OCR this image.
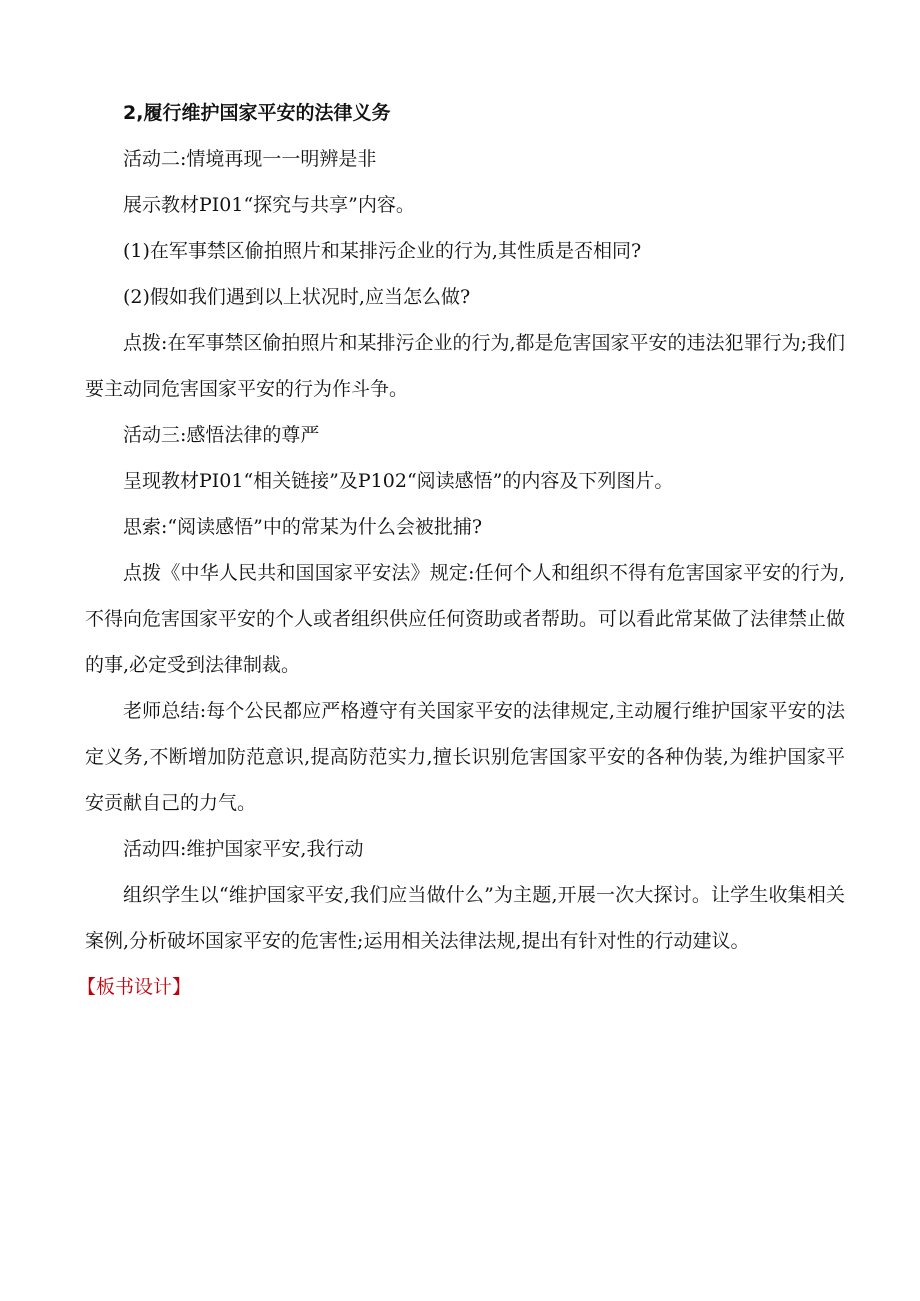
2,履行维护国家平安的法律义务

活动二:情境再现一一明辨是非

展示教材PI01“探究与共享”内容。

(1)在军事禁区偷拍照片和某排污企业的行为,其性质是否相同?

(2)假如我们遇到以上状况时,应当怎么做?

点拨:在军事禁区偷拍照片和某排污企业的行为,都是危害国家平安的违法犯罪行为;我们要主动同危害国家平安的行为作斗争。

活动三:感悟法律的尊严

呈现教材PI01“相关链接”及P102“阅读感悟”的内容及下列图片。

思索:“阅读感悟”中的常某为什么会被批捕?

点拨《中华人民共和国国家平安法》规定:任何个人和组织不得有危害国家平安的行为,不得向危害国家平安的个人或者组织供应任何资助或者帮助。可以看此常某做了法律禁止做的事,必定受到法律制裁。

老师总结:每个公民都应严格遵守有关国家平安的法律规定,主动履行维护国家平安的法定义务,不断增加防范意识,提高防范实力,擅长识别危害国家平安的各种伪装,为维护国家平安贡献自己的力气。

活动四:维护国家平安,我行动

组织学生以“维护国家平安,我们应当做什么”为主题,开展一次大探讨。让学生收集相关案例,分析破坏国家平安的危害性;运用相关法律法规,提出有针对性的行动建议。

【板书设计】
